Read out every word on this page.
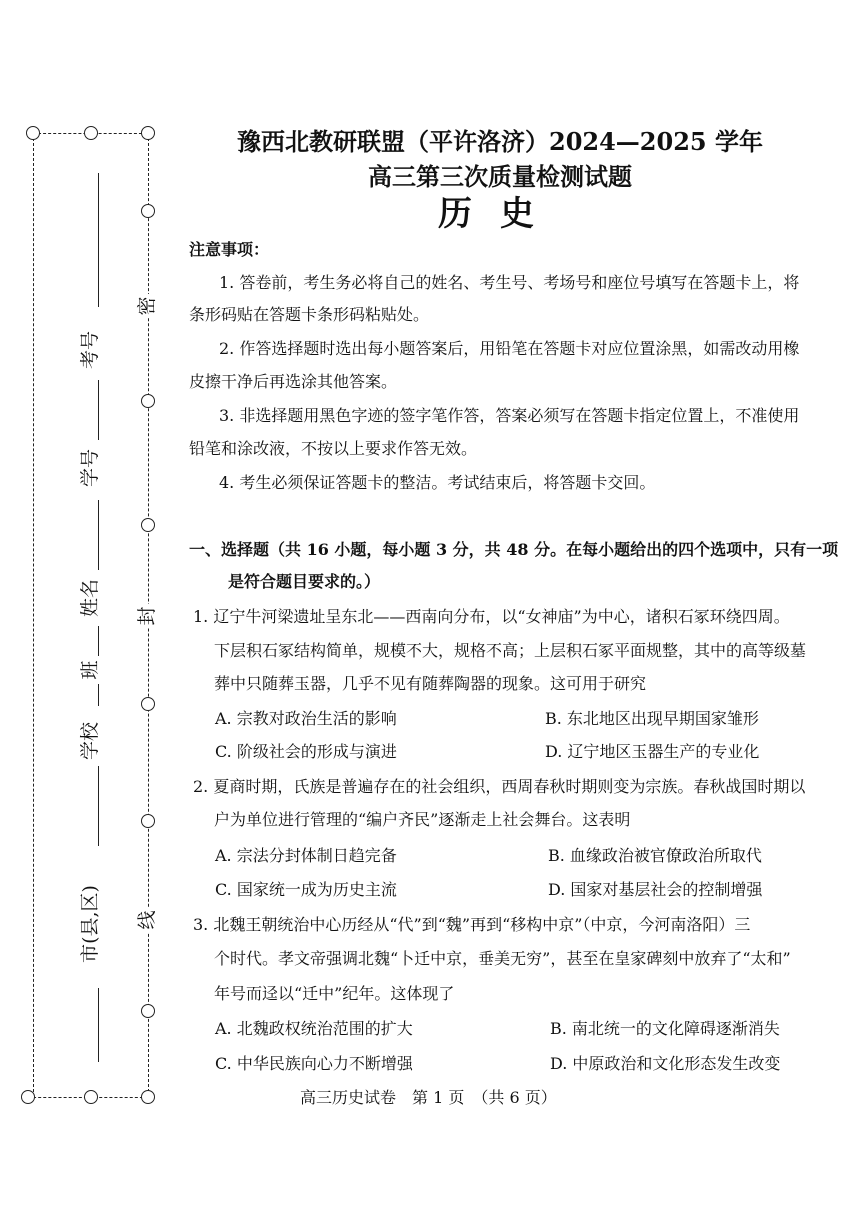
密
封
线
考号
学号
姓名
班
学校
市(县,区)
豫西北教研联盟（平许洛济）2024—2025 学年
高三第三次质量检测试题
历史
注意事项：
1. 答卷前，考生务必将自己的姓名、考生号、考场号和座位号填写在答题卡上，将
条形码贴在答题卡条形码粘贴处。
2. 作答选择题时选出每小题答案后，用铅笔在答题卡对应位置涂黑，如需改动用橡
皮擦干净后再选涂其他答案。
3. 非选择题用黑色字迹的签字笔作答，答案必须写在答题卡指定位置上，不准使用
铅笔和涂改液，不按以上要求作答无效。
4. 考生必须保证答题卡的整洁。考试结束后，将答题卡交回。
一、选择题（共 16 小题，每小题 3 分，共 48 分。在每小题给出的四个选项中，只有一项
是符合题目要求的。）
1. 辽宁牛河梁遗址呈东北——西南向分布，以“女神庙”为中心，诸积石冢环绕四周。
下层积石冢结构简单，规模不大，规格不高；上层积石冢平面规整，其中的高等级墓
葬中只随葬玉器，几乎不见有随葬陶器的现象。这可用于研究
A. 宗教对政治生活的影响	B. 东北地区出现早期国家雏形
C. 阶级社会的形成与演进	D. 辽宁地区玉器生产的专业化
2. 夏商时期，氏族是普遍存在的社会组织，西周春秋时期则变为宗族。春秋战国时期以
户为单位进行管理的“编户齐民”逐渐走上社会舞台。这表明
A. 宗法分封体制日趋完备	B. 血缘政治被官僚政治所取代
C. 国家统一成为历史主流	D. 国家对基层社会的控制增强
3. 北魏王朝统治中心历经从“代”到“魏”再到“移构中京”（中京，今河南洛阳）三
个时代。孝文帝强调北魏“卜迁中京，垂美无穷”，甚至在皇家碑刻中放弃了“太和”
年号而迳以“迁中”纪年。这体现了
A. 北魏政权统治范围的扩大	B. 南北统一的文化障碍逐渐消失
C. 中华民族向心力不断增强	D. 中原政治和文化形态发生改变
高三历史试卷　第 1 页　（共 6 页）
